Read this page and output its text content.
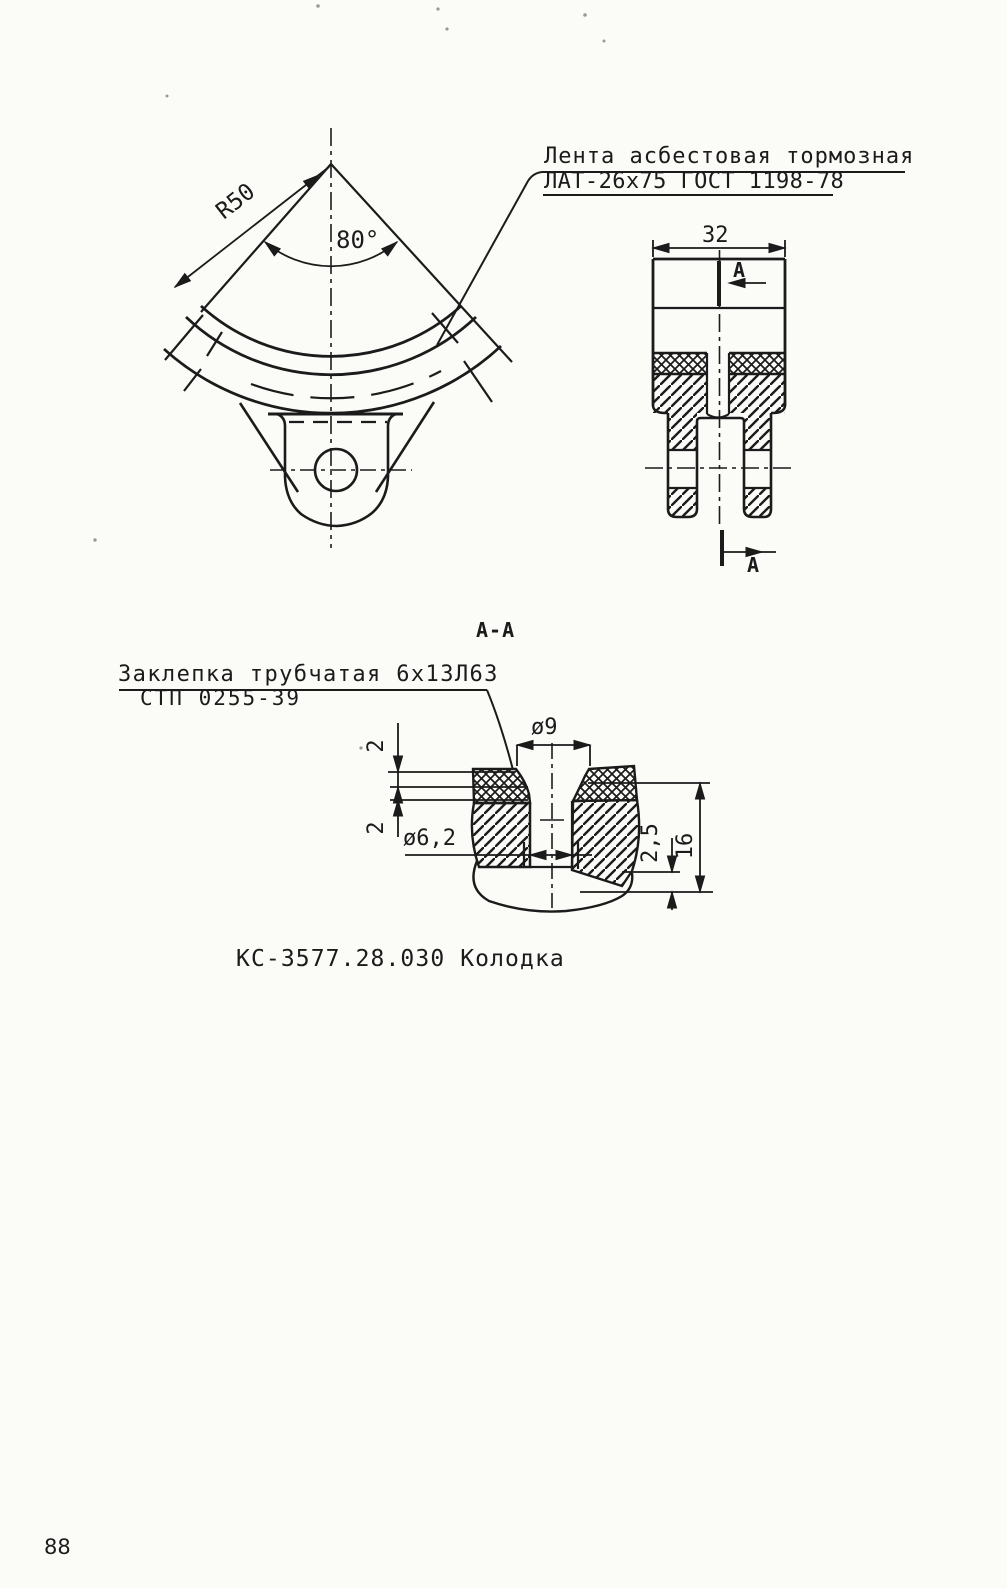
Лента асбестовая тормозная
ЛАТ-26х75 ГОСТ 1198-78
Заклепка трубчатая 6х13Л63
СТП 0255-39
А-А
А
А
КС-3577.28.030 Колодка
32
80°
R50
ø9
ø6,2
2
2	2,5 16
88
